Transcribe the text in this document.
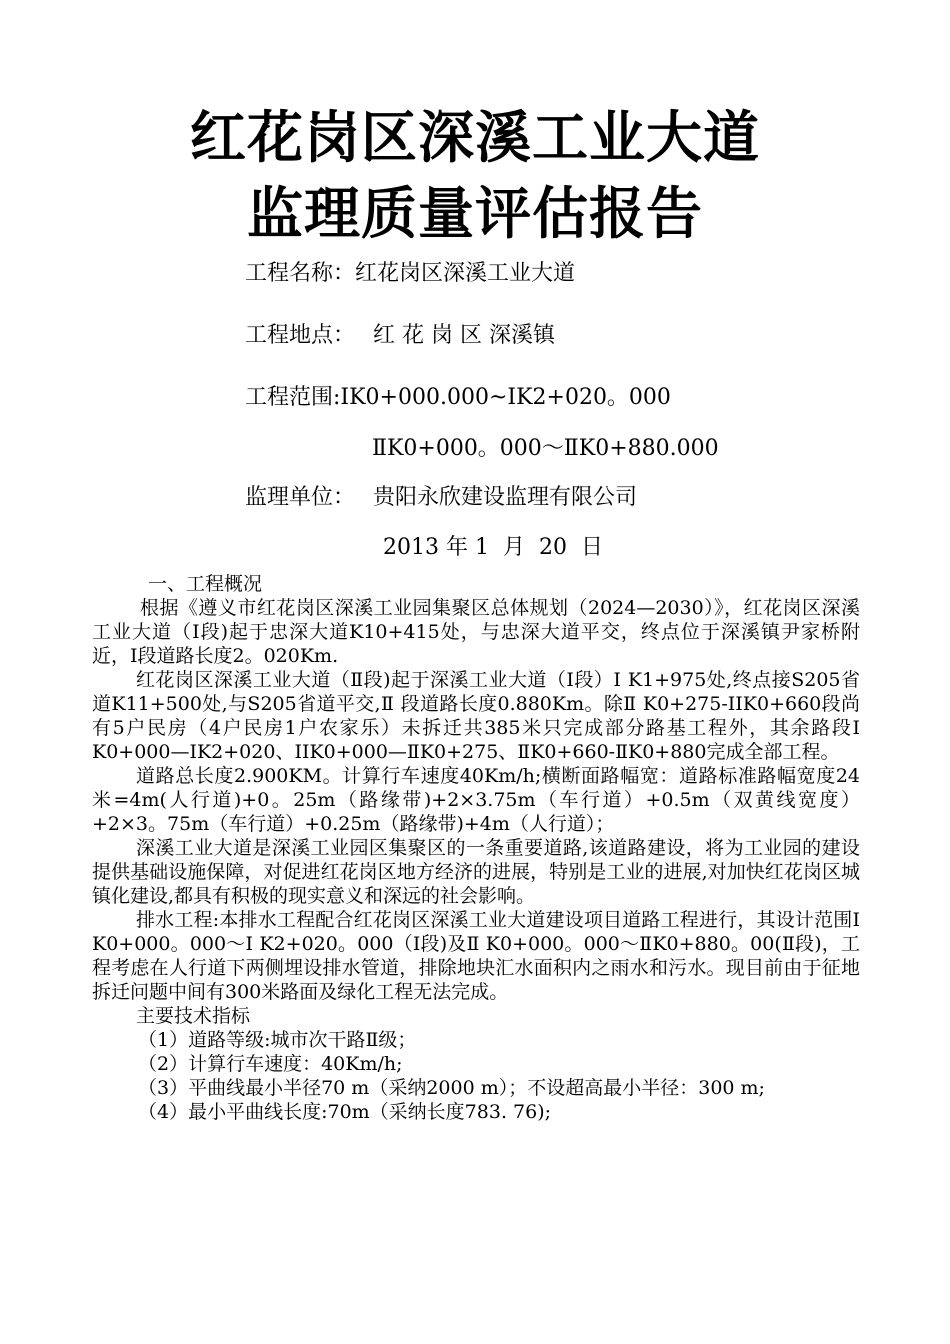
红花岗区深溪工业大道
监理质量评估报告
工程名称：红花岗区深溪工业大道
工程地点： 红 花 岗 区 深溪镇
工程范围:ⅠK0+000.000~ⅠK2+020。000
ⅡK0+000。000～ⅡK0+880.000
监理单位： 贵阳永欣建设监理有限公司
2013 年 1  月  20  日

一、工程概况

根据《遵义市红花岗区深溪工业园集聚区总体规划（2024—2030）》，红花岗区深溪工业大道（Ⅰ段)起于忠深大道K10+415处，与忠深大道平交，终点位于深溪镇尹家桥附近，Ⅰ段道路长度2。020Km.

红花岗区深溪工业大道（Ⅱ段)起于深溪工业大道（Ⅰ段）Ⅰ K1+975处,终点接S205省道K11+500处,与S205省道平交,Ⅱ 段道路长度0.880Km。除Ⅱ K0+275-IIK0+660段尚有5户民房（4户民房1户农家乐）未拆迁共385米只完成部分路基工程外，其余路段Ⅰ K0+000—ⅠK2+020、IIK0+000—ⅡK0+275、ⅡK0+660-ⅡK0+880完成全部工程。

道路总长度2.900KM。计算行车速度40Km/h;横断面路幅宽：道路标准路幅宽度24米=4m(人行道)+0。25m（路缘带)+2×3.75m（车行道）+0.5m（双黄线宽度）+2×3。75m（车行道）+0.25m（路缘带)+4m（人行道）；

深溪工业大道是深溪工业园区集聚区的一条重要道路,该道路建设，将为工业园的建设提供基础设施保障，对促进红花岗区地方经济的进展，特别是工业的进展,对加快红花岗区城镇化建设,都具有积极的现实意义和深远的社会影响。

排水工程:本排水工程配合红花岗区深溪工业大道建设项目道路工程进行，其设计范围Ⅰ K0+000。000～Ⅰ K2+020。000（Ⅰ段)及Ⅱ K0+000。000～ⅡK0+880。00(Ⅱ段)，工程考虑在人行道下两侧埋设排水管道，排除地块汇水面积内之雨水和污水。现目前由于征地拆迁问题中间有300米路面及绿化工程无法完成。

主要技术指标

（1）道路等级:城市次干路Ⅱ级；

（2）计算行车速度：40Km/h;

（3）平曲线最小半径70 m（采纳2000 m）；不设超高最小半径：300 m;

（4）最小平曲线长度:70m（采纳长度783. 76);
